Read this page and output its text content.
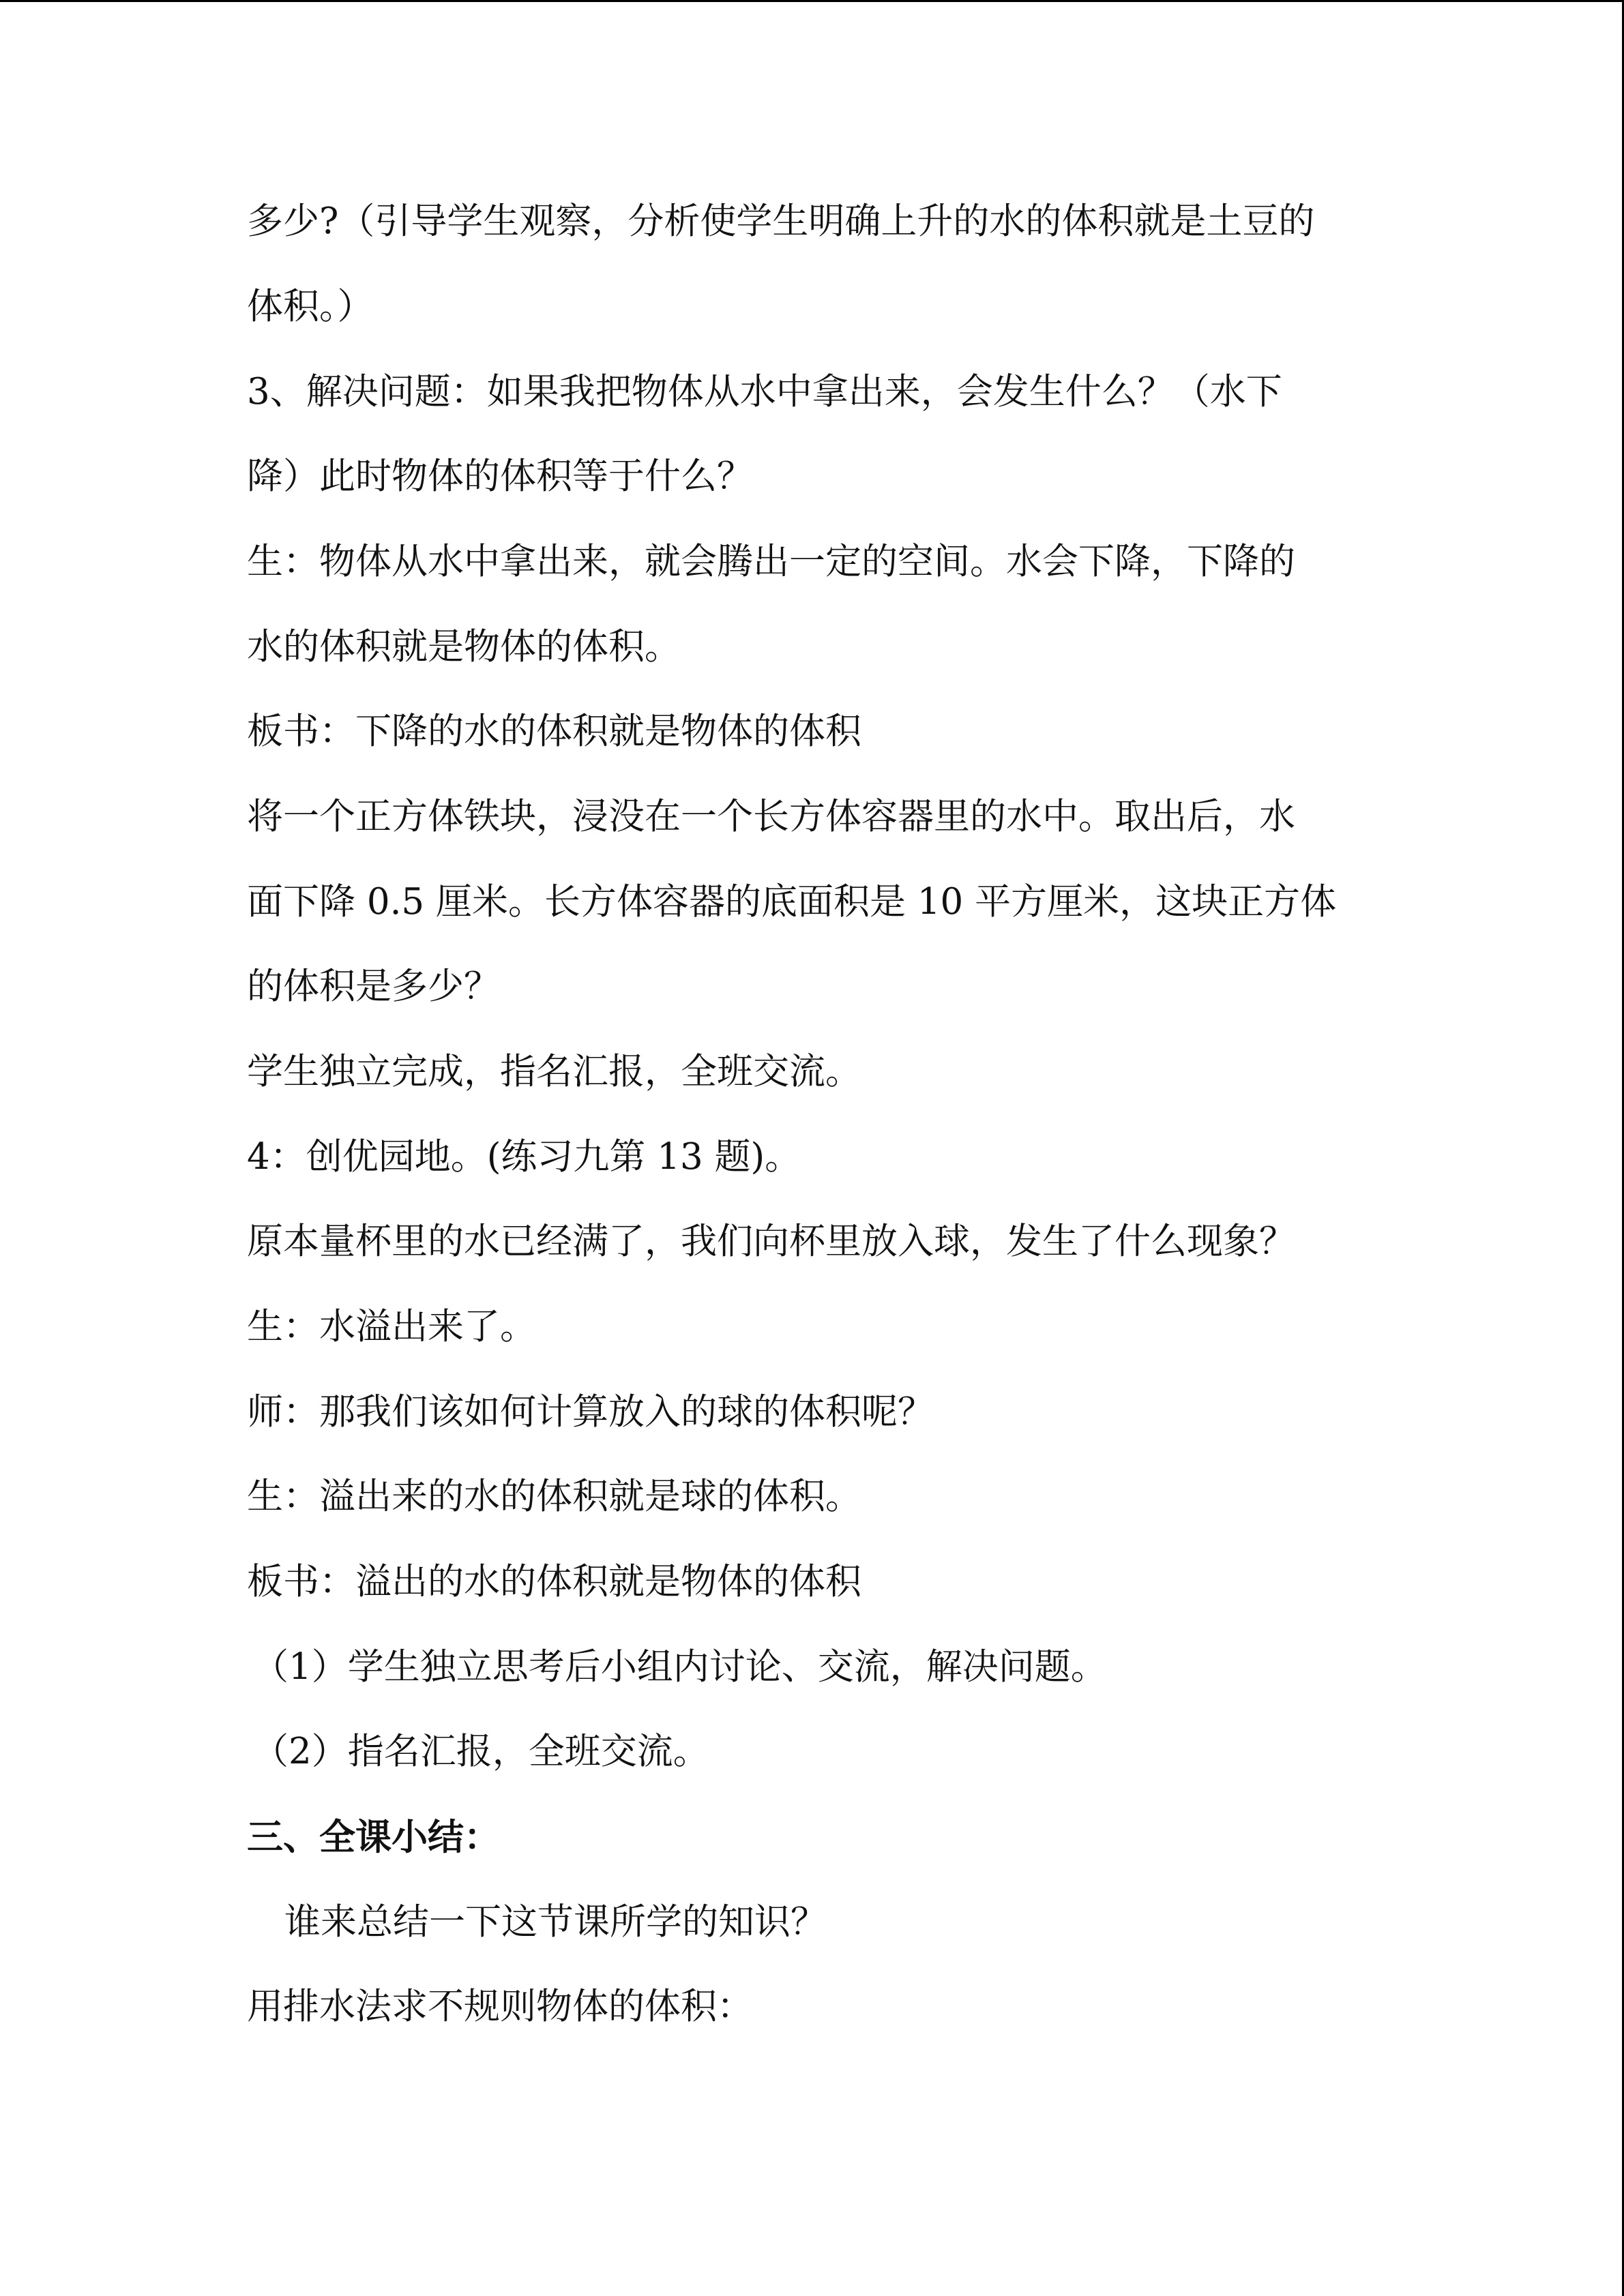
多少?（引导学生观察，分析使学生明确上升的水的体积就是土豆的
体积。）
3、解决问题：如果我把物体从水中拿出来，会发生什么？（水下
降）此时物体的体积等于什么？
生：物体从水中拿出来，就会腾出一定的空间。水会下降，下降的
水的体积就是物体的体积。
板书：下降的水的体积就是物体的体积
将一个正方体铁块，浸没在一个长方体容器里的水中。取出后，水
面下降 0.5 厘米。长方体容器的底面积是 10 平方厘米，这块正方体
的体积是多少？
学生独立完成，指名汇报，全班交流。
4：创优园地。(练习九第 13 题)。
原本量杯里的水已经满了，我们向杯里放入球，发生了什么现象？
生：水溢出来了。
师：那我们该如何计算放入的球的体积呢？
生：溢出来的水的体积就是球的体积。
板书：溢出的水的体积就是物体的体积
（1）学生独立思考后小组内讨论、交流，解决问题。
（2）指名汇报，全班交流。
三、全课小结：
谁来总结一下这节课所学的知识？
用排水法求不规则物体的体积：
